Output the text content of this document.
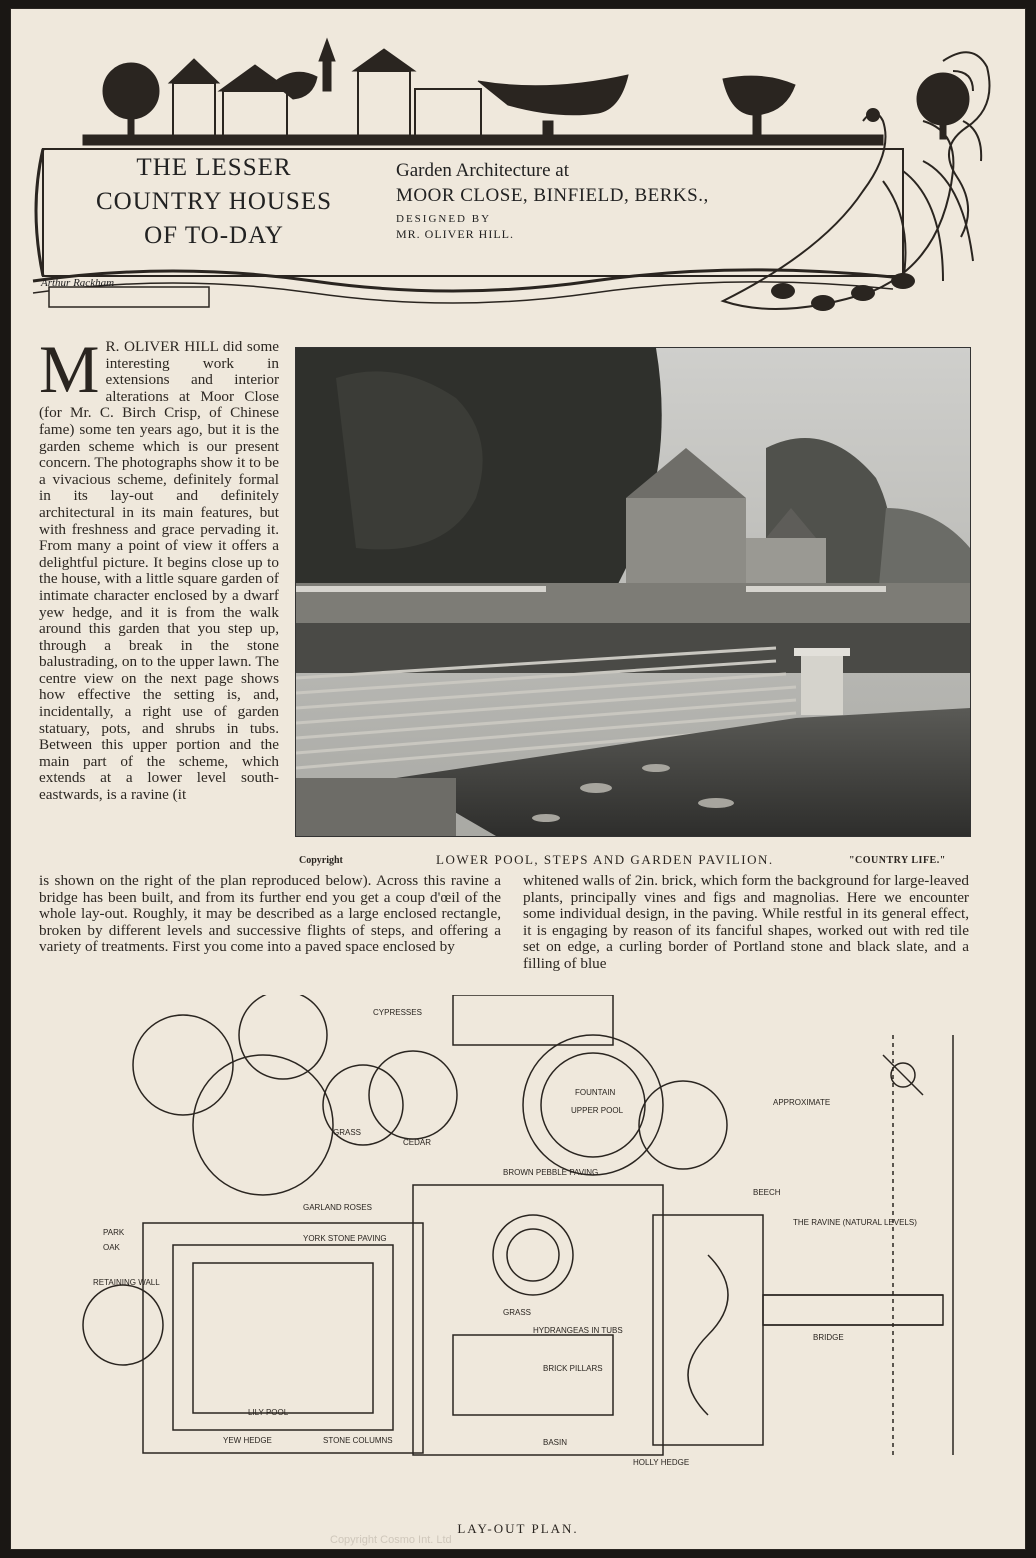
THE LESSER
COUNTRY HOUSES
OF TO-DAY
Garden Architecture at
MOOR CLOSE, BINFIELD, BERKS.,
DESIGNED BY
MR. OLIVER HILL.
Arthur Rackham
M R. OLIVER HILL did some interesting work in extensions and interior alterations at Moor Close (for Mr. C. Birch Crisp, of Chinese fame) some ten years ago, but it is the garden scheme which is our present concern. The photographs show it to be a vivacious scheme, definitely formal in its lay-out and definitely architectural in its main features, but with freshness and grace pervading it. From many a point of view it offers a delightful picture. It begins close up to the house, with a little square garden of intimate character enclosed by a dwarf yew hedge, and it is from the walk around this garden that you step up, through a break in the stone balustrading, on to the upper lawn. The centre view on the next page shows how effective the setting is, and, incidentally, a right use of garden statuary, pots, and shrubs in tubs. Between this upper portion and the main part of the scheme, which extends at a lower level south-eastwards, is a ravine (it
Copyright	LOWER POOL, STEPS AND GARDEN PAVILION.	"COUNTRY LIFE."
is shown on the right of the plan reproduced below). Across this ravine a bridge has been built, and from its further end you get a coup d'œil of the whole lay-out. Roughly, it may be described as a large enclosed rectangle, broken by different levels and successive flights of steps, and offering a variety of treatments. First you come into a paved space enclosed by
whitened walls of 2in. brick, which form the background for large-leaved plants, principally vines and figs and magnolias. Here we encounter some individual design, in the paving. While restful in its general effect, it is engaging by reason of its fanciful shapes, worked out with red tile set on edge, a curling border of Portland stone and black slate, and a filling of blue
LILY POOL
GRASS
GRASS
UPPER POOL
FOUNTAIN
PARK
OAK
BEECH
CEDAR
RETAINING WALL
YORK STONE PAVING
STONE COLUMNS
YEW HEDGE
HOLLY HEDGE
THE RAVINE (NATURAL LEVELS)
BRIDGE
APPROXIMATE
CYPRESSES
BASIN
HYDRANGEAS IN TUBS
GARLAND ROSES
BRICK PILLARS
BROWN PEBBLE PAVING
LAY-OUT PLAN.
Copyright Cosmo Int. Ltd
